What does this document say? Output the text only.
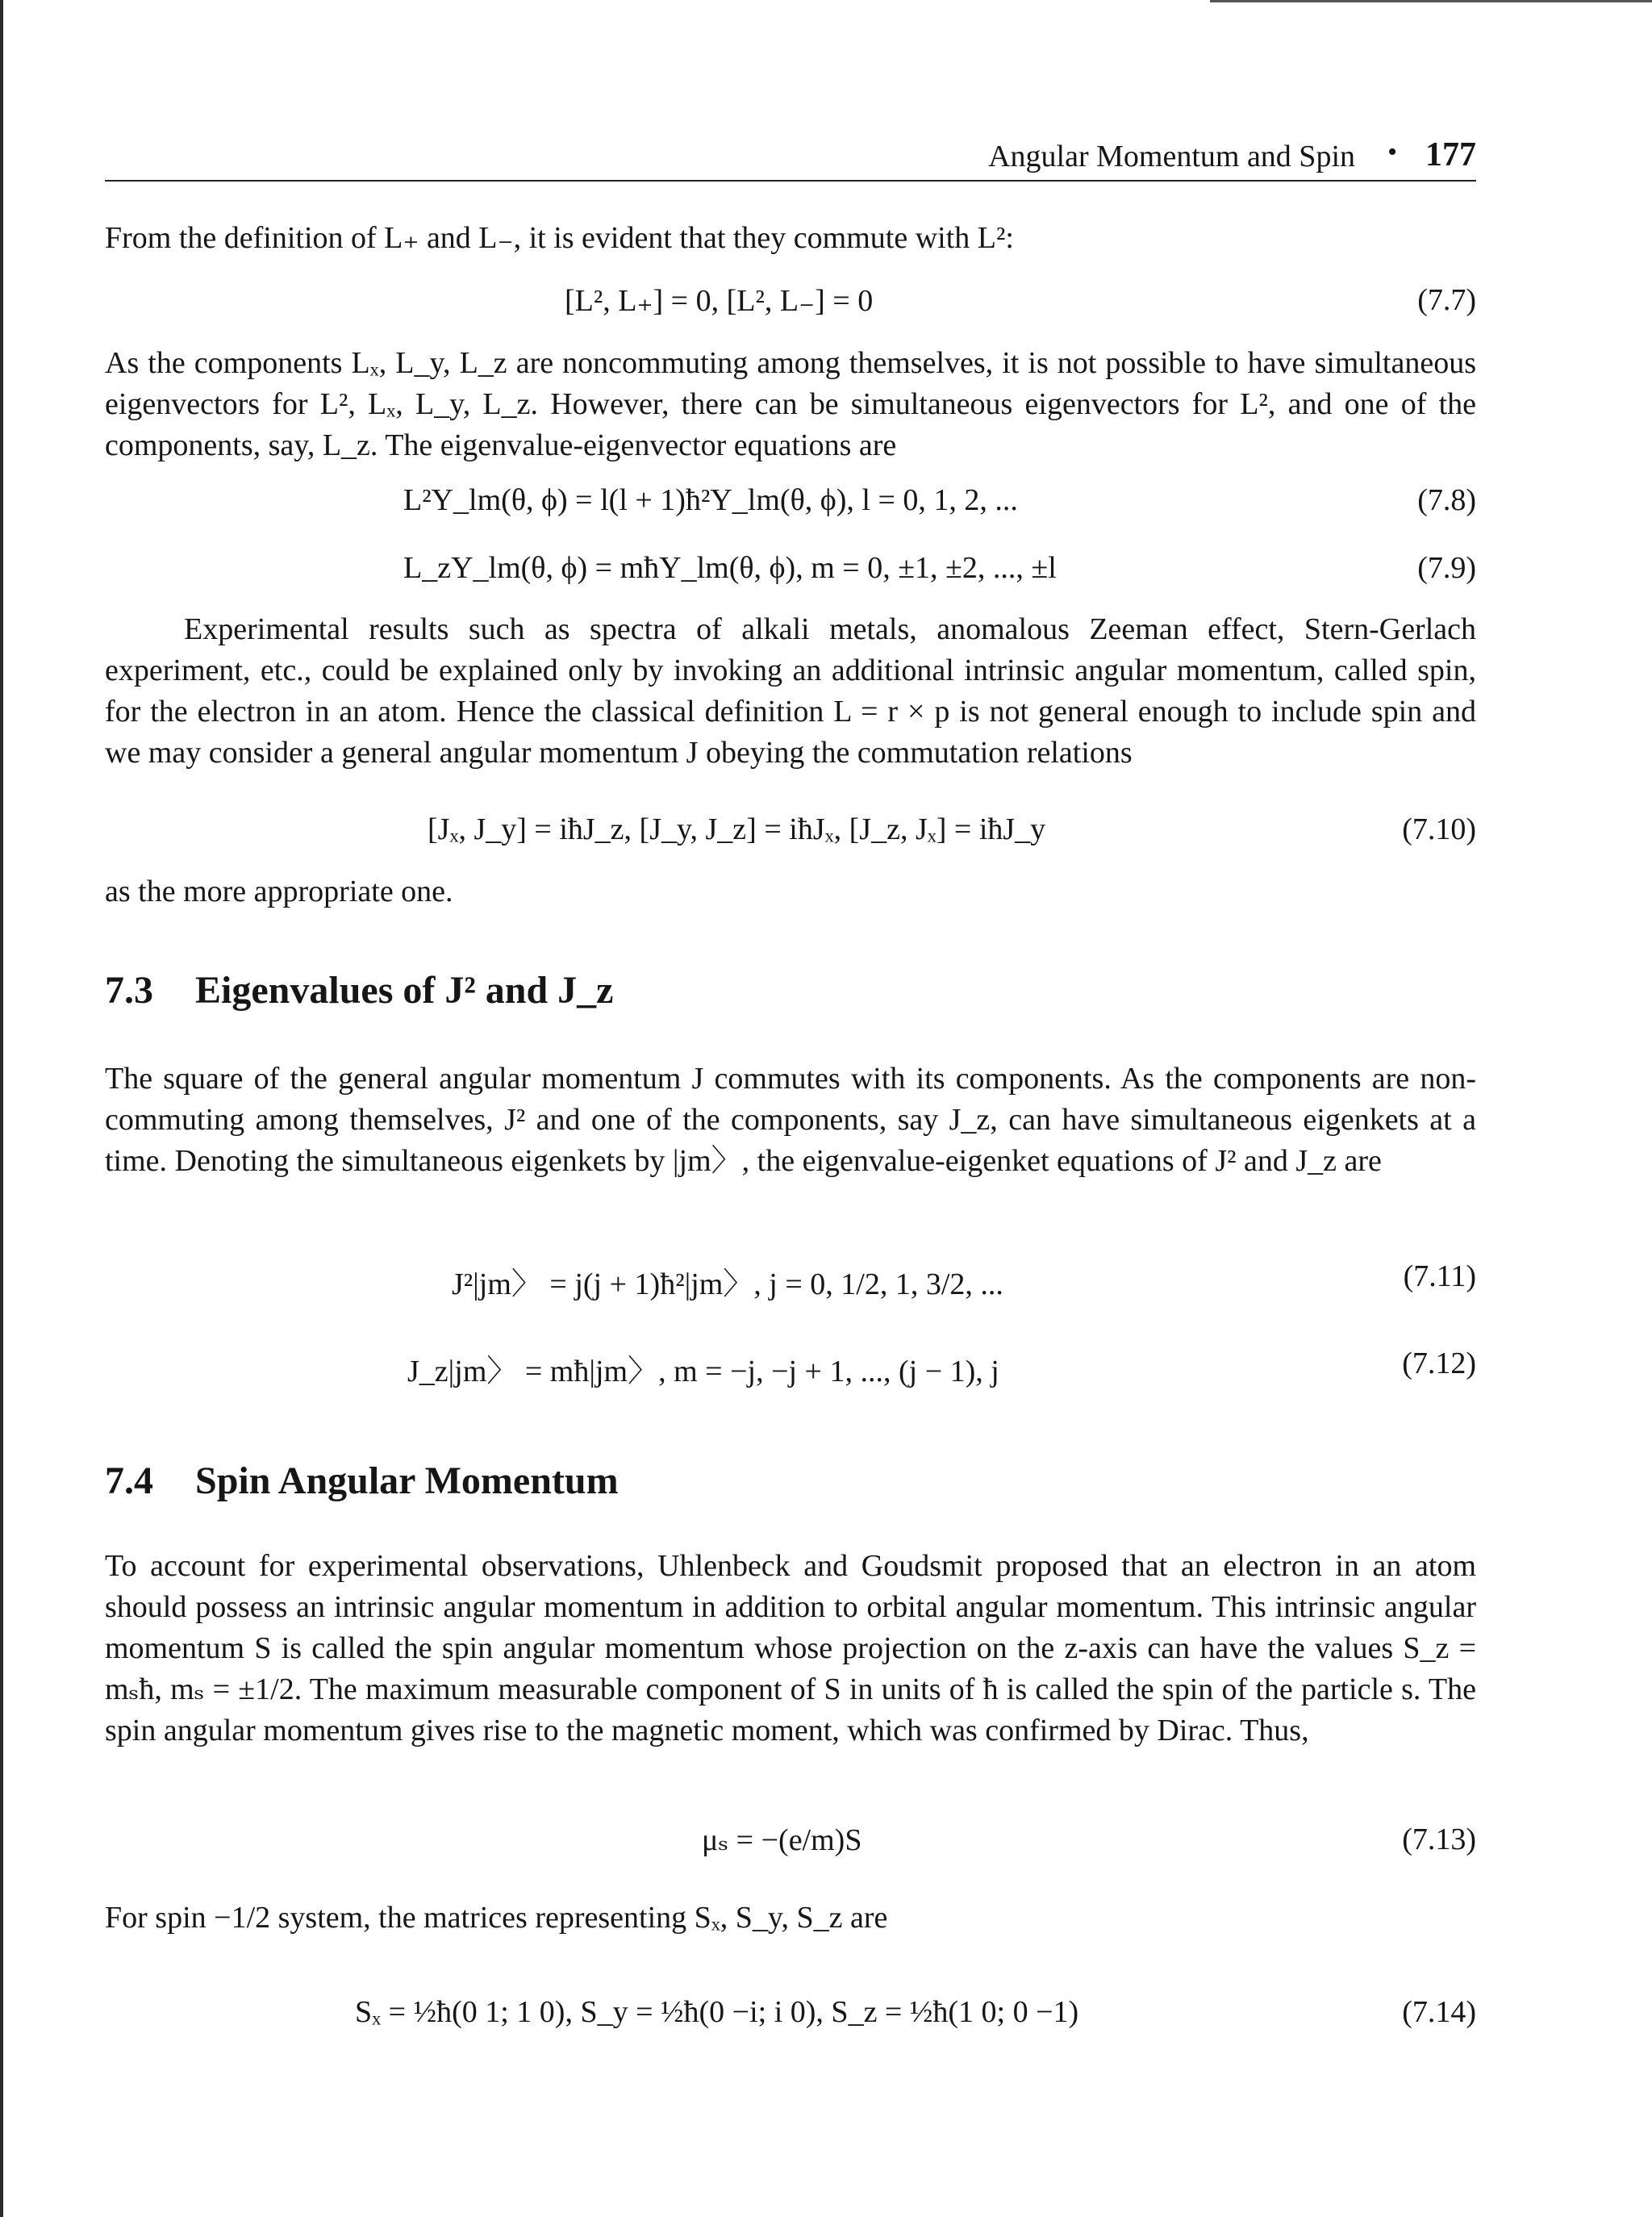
Angular Momentum and Spin • 177

From the definition of L₊ and L₋, it is evident that they commute with L²:

[L², L₊] = 0, [L², L₋] = 0	(7.7)

As the components Lₓ, L_y, L_z are noncommuting among themselves, it is not possible to have simultaneous eigenvectors for L², Lₓ, L_y, L_z. However, there can be simultaneous eigenvectors for L², and one of the components, say, L_z. The eigenvalue-eigenvector equations are

L²Y_lm(θ, ϕ) = l(l + 1)ħ²Y_lm(θ, ϕ), l = 0, 1, 2, ...	(7.8)
L_zY_lm(θ, ϕ) = mħY_lm(θ, ϕ), m = 0, ±1, ±2, ..., ±l	(7.9)

Experimental results such as spectra of alkali metals, anomalous Zeeman effect, Stern-Gerlach experiment, etc., could be explained only by invoking an additional intrinsic angular momentum, called spin, for the electron in an atom. Hence the classical definition L = r × p is not general enough to include spin and we may consider a general angular momentum J obeying the commutation relations

[Jₓ, J_y] = iħJ_z, [J_y, J_z] = iħJₓ, [J_z, Jₓ] = iħJ_y	(7.10)

as the more appropriate one.

7.3 Eigenvalues of J² and J_z

The square of the general angular momentum J commutes with its components. As the components are non-commuting among themselves, J² and one of the components, say J_z, can have simultaneous eigenkets at a time. Denoting the simultaneous eigenkets by |jm〉, the eigenvalue-eigenket equations of J² and J_z are

J²|jm〉 = j(j + 1)ħ²|jm〉, j = 0, 1/2, 1, 3/2, ...	(7.11)
J_z|jm〉 = mħ|jm〉, m = −j, −j + 1, ..., (j − 1), j	(7.12)
7.4 Spin Angular Momentum

To account for experimental observations, Uhlenbeck and Goudsmit proposed that an electron in an atom should possess an intrinsic angular momentum in addition to orbital angular momentum. This intrinsic angular momentum S is called the spin angular momentum whose projection on the z-axis can have the values S_z = mₛħ, mₛ = ±1/2. The maximum measurable component of S in units of ħ is called the spin of the particle s. The spin angular momentum gives rise to the magnetic moment, which was confirmed by Dirac. Thus,

μₛ = −(e/m)S	(7.13)

For spin −1/2 system, the matrices representing Sₓ, S_y, S_z are

Sₓ = ½ħ(0 1; 1 0), S_y = ½ħ(0 −i; i 0), S_z = ½ħ(1 0; 0 −1)	(7.14)
